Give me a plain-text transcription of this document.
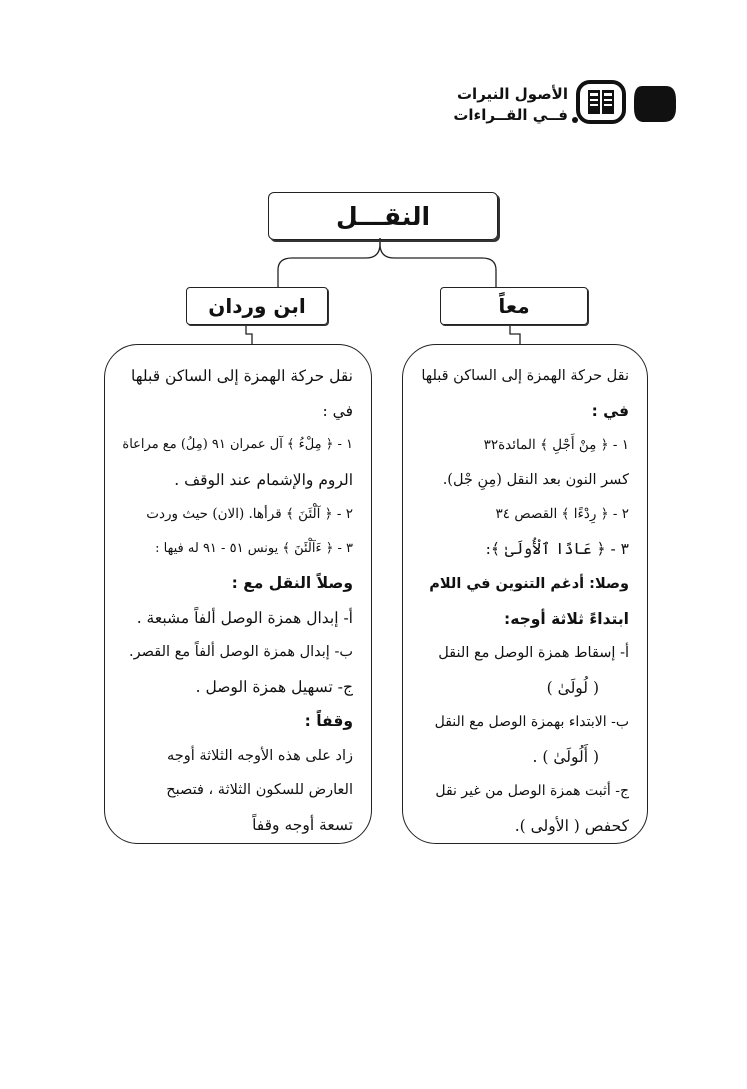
الأصول النيرات
فــي القــراءات
النقـــل
ابن وردان	معاً
نقل حركة الهمزة إلى الساكن قبلها
في :
١ - ﴿ مِلْءُ ﴾ آل عمران ٩١ (مِلُ) مع مراعاة
الروم والإشمام عند الوقف .
٢ - ﴿ آلْئَنَ ﴾ قرأها. (الان) حيث وردت
٣ - ﴿ ءَآلْئَنَ ﴾ يونس ٥١ - ٩١ له فيها :
وصلاً النقل مع :
أ- إبدال همزة الوصل ألفاً مشبعة .
ب- إبدال همزة الوصل ألفاً مع القصر.
ج- تسهيل همزة الوصل .
وقفاً :
زاد على هذه الأوجه الثلاثة أوجه
العارض للسكون الثلاثة ، فتصبح
تسعة أوجه وقفاً
نقل حركة الهمزة إلى الساكن قبلها
في :
١ - ﴿ مِنْ أَجْلِ ﴾ المائدة٣٢
كسر النون بعد النقل (مِنِ جْل).
٢ - ﴿ رِدْءًا ﴾ القصص ٣٤
٣ - ﴿ عَادًا ٱلْأُولَىٰ ﴾:
وصلا: أدغم التنوين في اللام
ابتداءً ثلاثة أوجه:
أ- إسقاط همزة الوصل مع النقل
( لُولَىٰ )
ب- الابتداء بهمزة الوصل مع النقل
( أَلُولَىٰ ) .
ج- أثبت همزة الوصل من غير نقل
كحفص ( الأولى ).
